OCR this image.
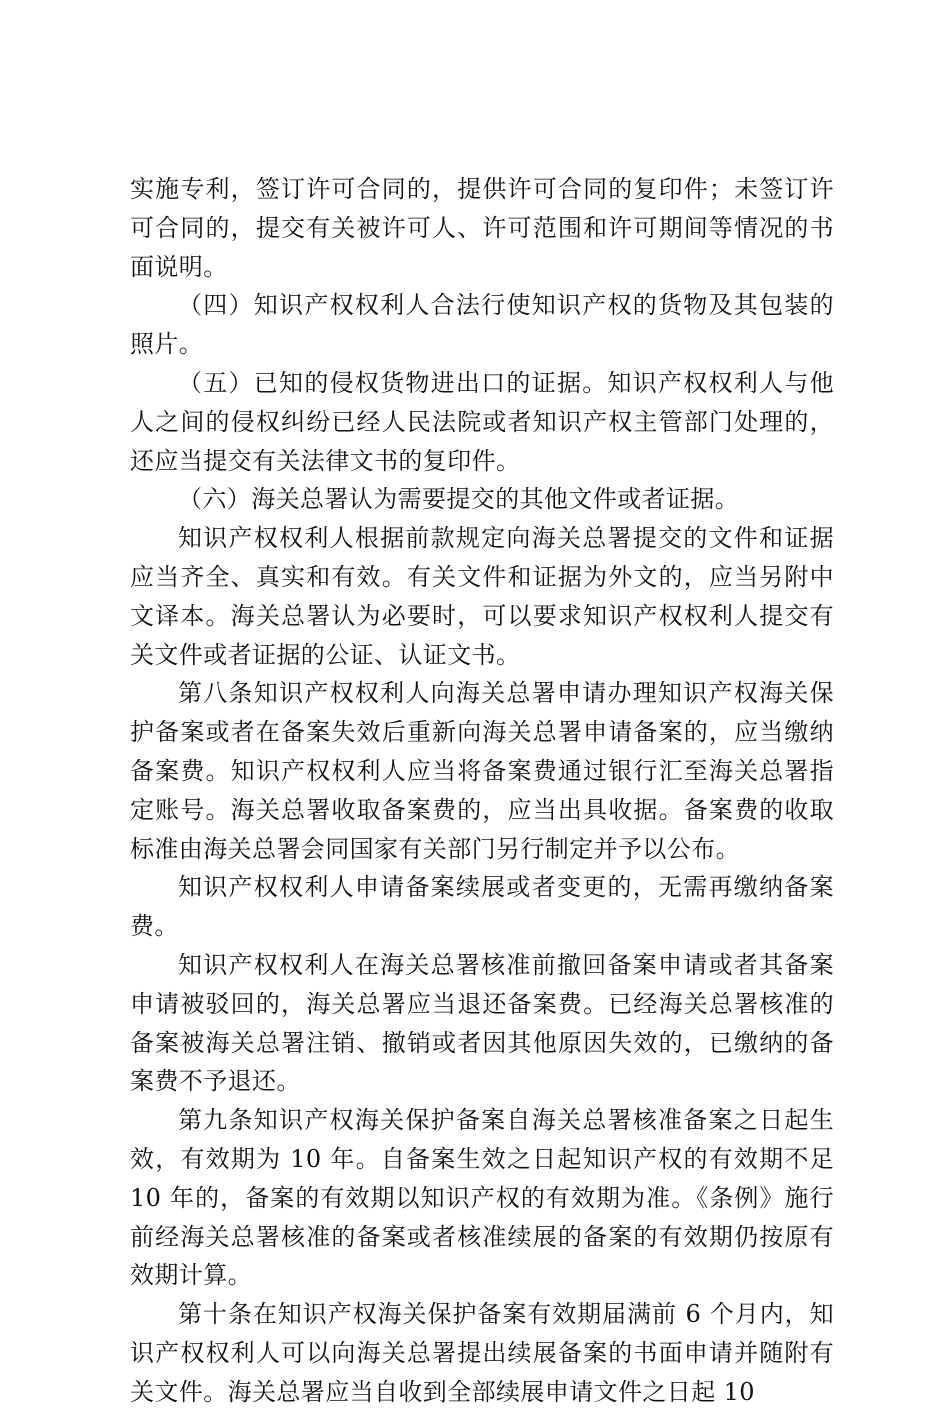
实施专利，签订许可合同的，提供许可合同的复印件；未签订许可合同的，提交有关被许可人、许可范围和许可期间等情况的书面说明。

（四）知识产权权利人合法行使知识产权的货物及其包装的照片。

（五）已知的侵权货物进出口的证据。知识产权权利人与他人之间的侵权纠纷已经人民法院或者知识产权主管部门处理的，还应当提交有关法律文书的复印件。

（六）海关总署认为需要提交的其他文件或者证据。

知识产权权利人根据前款规定向海关总署提交的文件和证据应当齐全、真实和有效。有关文件和证据为外文的，应当另附中文译本。海关总署认为必要时，可以要求知识产权权利人提交有关文件或者证据的公证、认证文书。

第八条知识产权权利人向海关总署申请办理知识产权海关保护备案或者在备案失效后重新向海关总署申请备案的，应当缴纳备案费。知识产权权利人应当将备案费通过银行汇至海关总署指定账号。海关总署收取备案费的，应当出具收据。备案费的收取标准由海关总署会同国家有关部门另行制定并予以公布。

知识产权权利人申请备案续展或者变更的，无需再缴纳备案费。

知识产权权利人在海关总署核准前撤回备案申请或者其备案申请被驳回的，海关总署应当退还备案费。已经海关总署核准的备案被海关总署注销、撤销或者因其他原因失效的，已缴纳的备案费不予退还。

第九条知识产权海关保护备案自海关总署核准备案之日起生效，有效期为 10 年。自备案生效之日起知识产权的有效期不足 10 年的，备案的有效期以知识产权的有效期为准。《条例》施行前经海关总署核准的备案或者核准续展的备案的有效期仍按原有效期计算。

第十条在知识产权海关保护备案有效期届满前 6 个月内，知识产权权利人可以向海关总署提出续展备案的书面申请并随附有关文件。海关总署应当自收到全部续展申请文件之日起 10
